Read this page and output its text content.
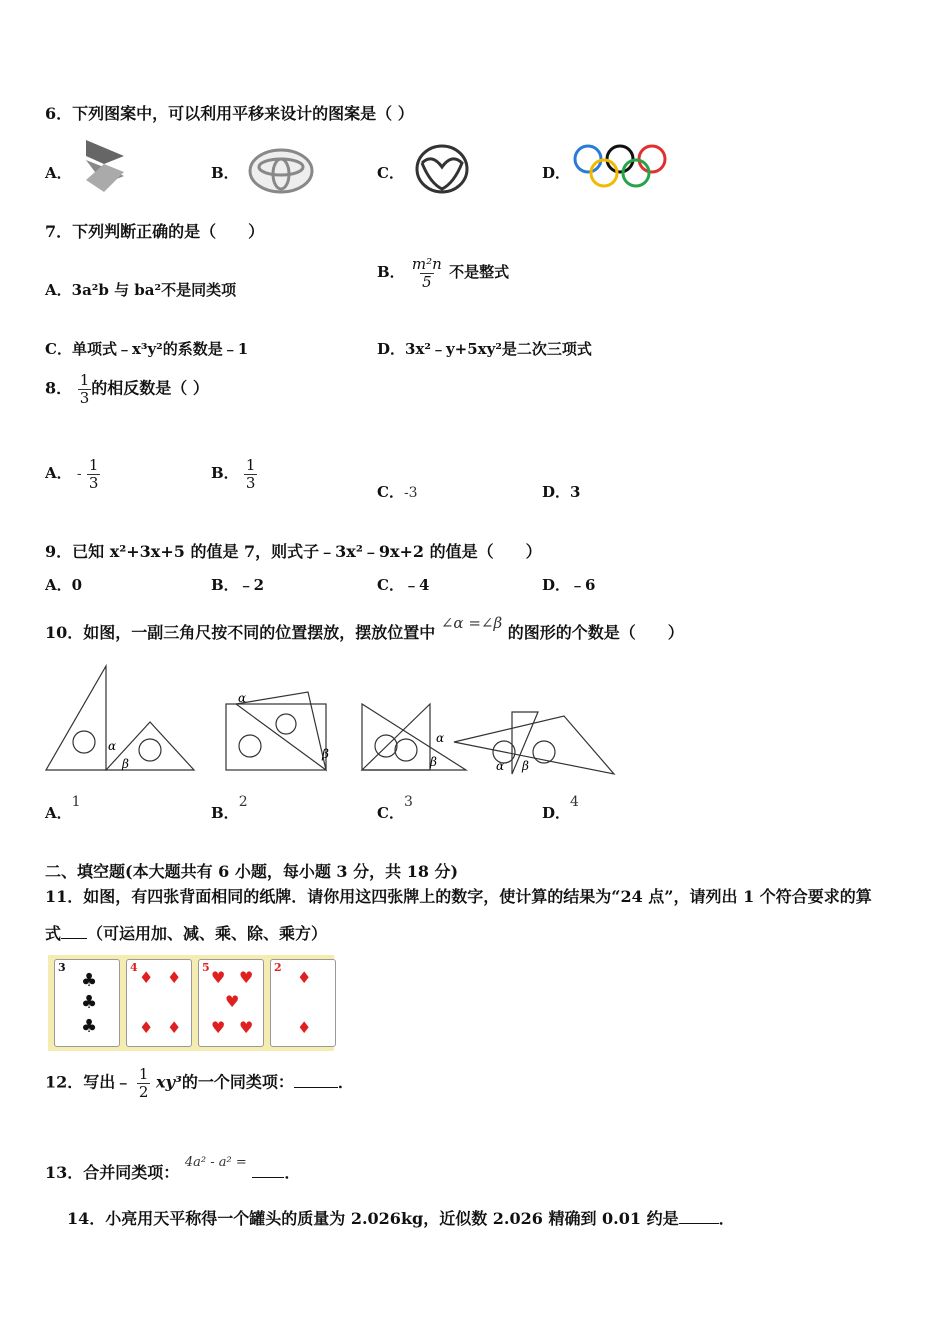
6．下列图案中，可以利用平移来设计的图案是（ ）
A．	B．	C．	D．
7．下列判断正确的是（　　）
A．3a²b 与 ba²不是同类项
B． $\frac{\text{m²n}}{5}$ 不是整式
C．单项式﹣x³y²的系数是﹣1	D．3x²﹣y+5xy²是二次三项式
8． $\frac{1}{3}$ 的相反数是（ ）
A． - $\frac{1}{3}$	B． $\frac{1}{3}$
C．-3	D．3
9．已知 x²+3x+5 的值是 7，则式子﹣3x²﹣9x+2 的值是（　　）
A．0	B．﹣2	C．﹣4	D．﹣6
10．如图，一副三角尺按不同的位置摆放，摆放位置中 ∠α =∠β 的图形的个数是（　　）
α
β
α
β
α
β	α β
A．1
B．2
C．3
D．4
二、填空题(本大题共有 6 小题，每小题 3 分，共 18 分)
11．如图，有四张背面相同的纸牌．请你用这四张牌上的数字，使计算的结果为“24 点”，请列出 1 个符合要求的算
式 （可运用加、减、乘、除、乘方）
3
♣
♣
♣
4
♦ ♦
♦ ♦
5
♥ ♥
♥
♥ ♥
2
♦
♦
12．写出﹣ $\frac{1}{2} xy^3$的一个同类项：	．
13．合并同类项： $^{4a^2 - a^2 =}$ ．
14．小亮用天平称得一个罐头的质量为 2.026kg，近似数 2.026 精确到 0.01 约是	．
